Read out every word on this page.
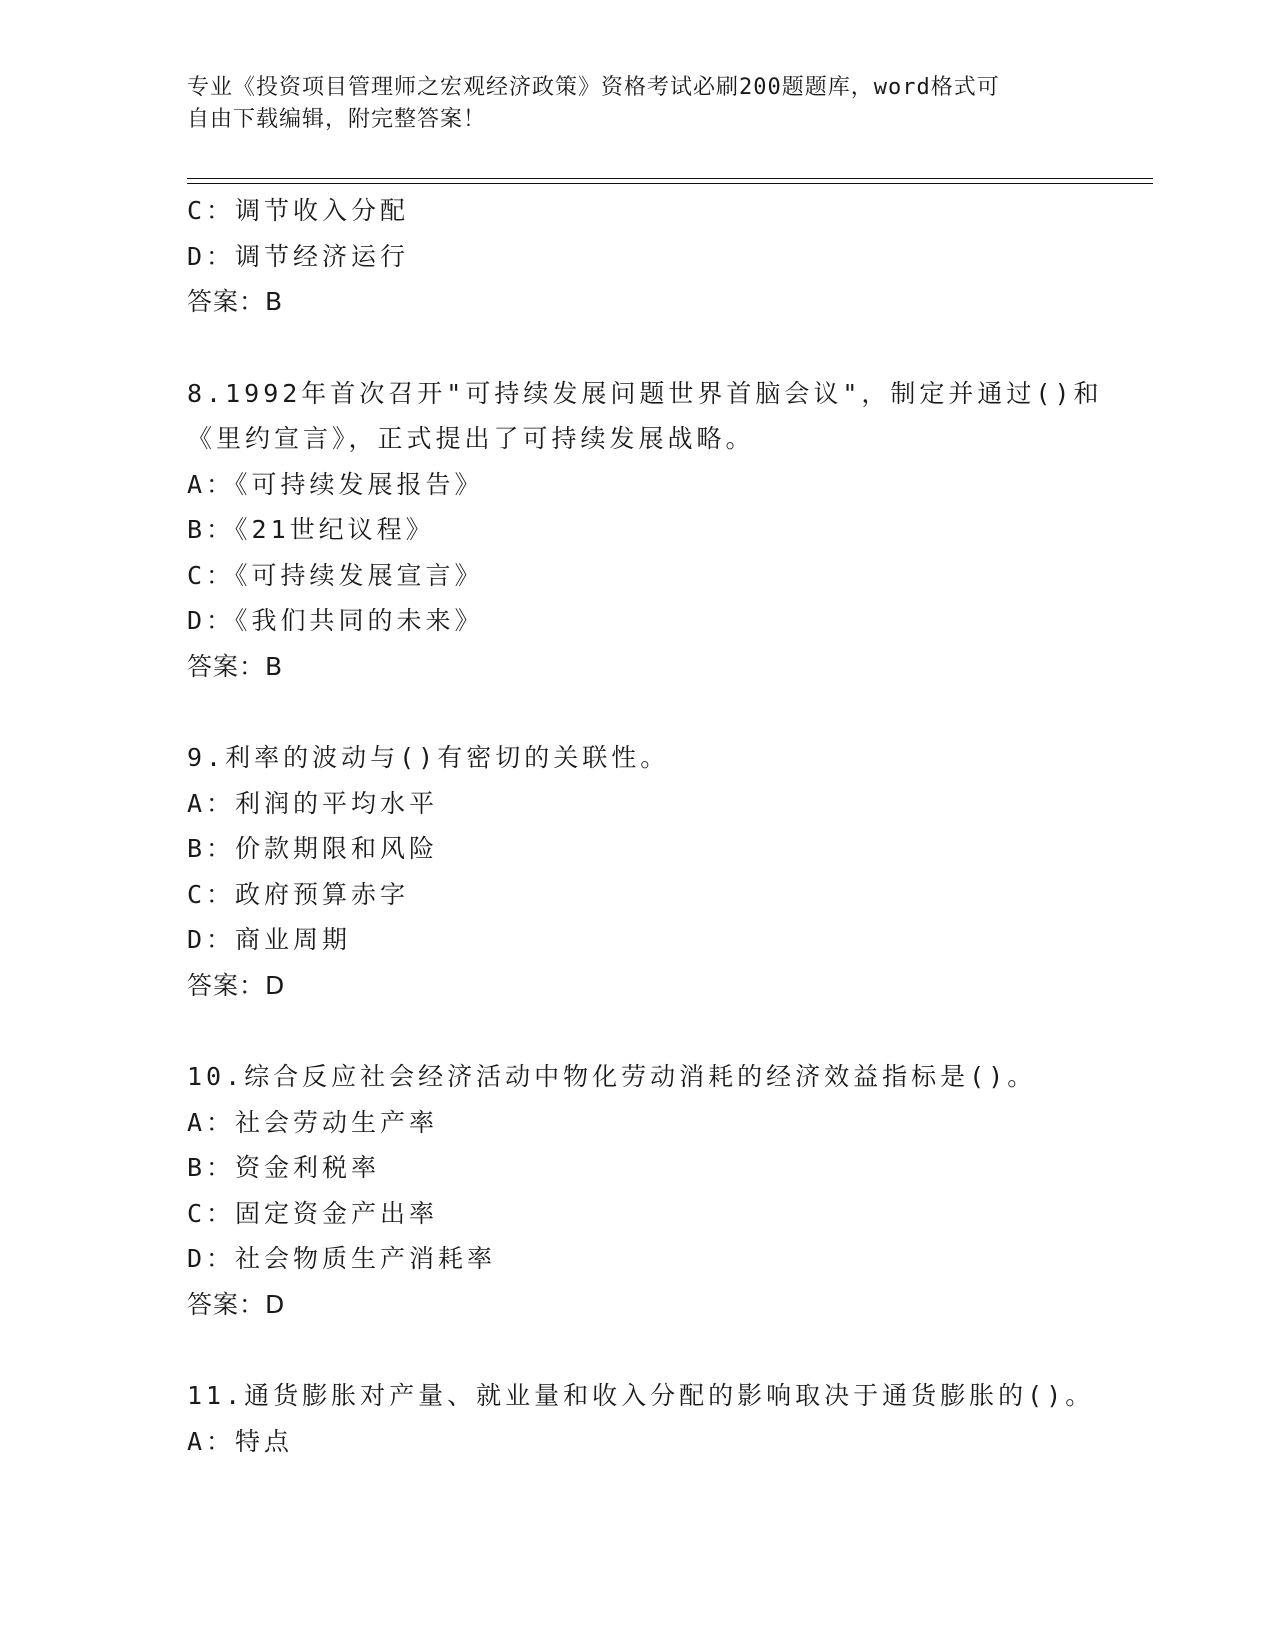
专业《投资项目管理师之宏观经济政策》资格考试必刷200题题库，word格式可
自由下载编辑，附完整答案！
C：调节收入分配
D：调节经济运行
答案：B
8.1992年首次召开"可持续发展问题世界首脑会议"，制定并通过()和
《里约宣言》，正式提出了可持续发展战略。
A：《可持续发展报告》
B：《21世纪议程》
C：《可持续发展宣言》
D：《我们共同的未来》
答案：B
9.利率的波动与()有密切的关联性。
A：利润的平均水平
B：价款期限和风险
C：政府预算赤字
D：商业周期
答案：D
10.综合反应社会经济活动中物化劳动消耗的经济效益指标是()。
A：社会劳动生产率
B：资金利税率
C：固定资金产出率
D：社会物质生产消耗率
答案：D
11.通货膨胀对产量、就业量和收入分配的影响取决于通货膨胀的()。
A：特点
